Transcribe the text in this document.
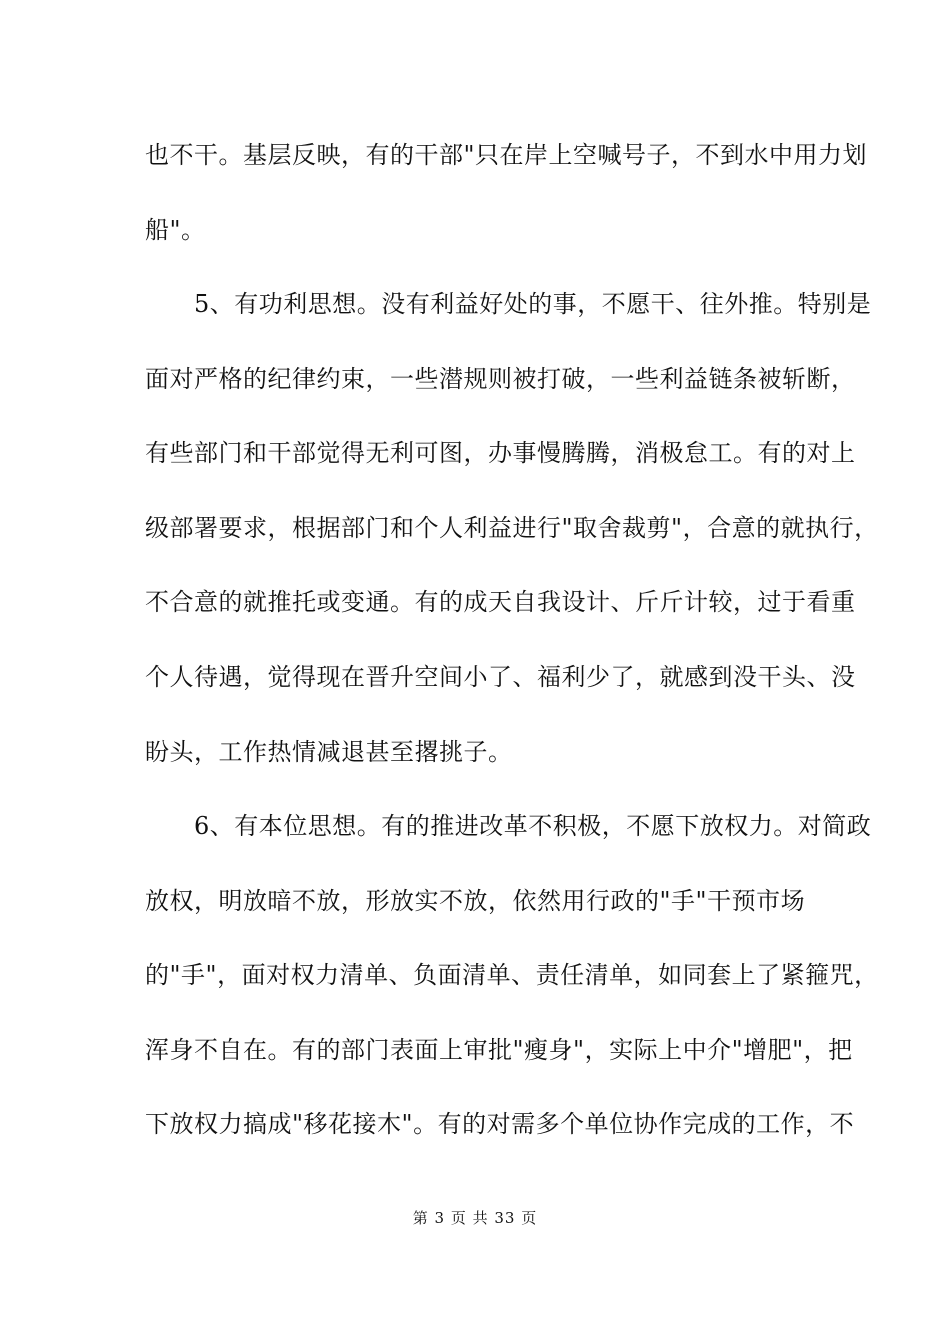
也不干。基层反映，有的干部"只在岸上空喊号子，不到水中用力划
船"。
　　5、有功利思想。没有利益好处的事，不愿干、往外推。特别是
面对严格的纪律约束，一些潜规则被打破，一些利益链条被斩断，
有些部门和干部觉得无利可图，办事慢腾腾，消极怠工。有的对上
级部署要求，根据部门和个人利益进行"取舍裁剪"，合意的就执行，
不合意的就推托或变通。有的成天自我设计、斤斤计较，过于看重
个人待遇，觉得现在晋升空间小了、福利少了，就感到没干头、没
盼头，工作热情减退甚至撂挑子。
　　6、有本位思想。有的推进改革不积极，不愿下放权力。对简政
放权，明放暗不放，形放实不放，依然用行政的"手"干预市场
的"手"，面对权力清单、负面清单、责任清单，如同套上了紧箍咒，
浑身不自在。有的部门表面上审批"瘦身"，实际上中介"增肥"，把
下放权力搞成"移花接木"。有的对需多个单位协作完成的工作，不
第 3 页 共 33 页
